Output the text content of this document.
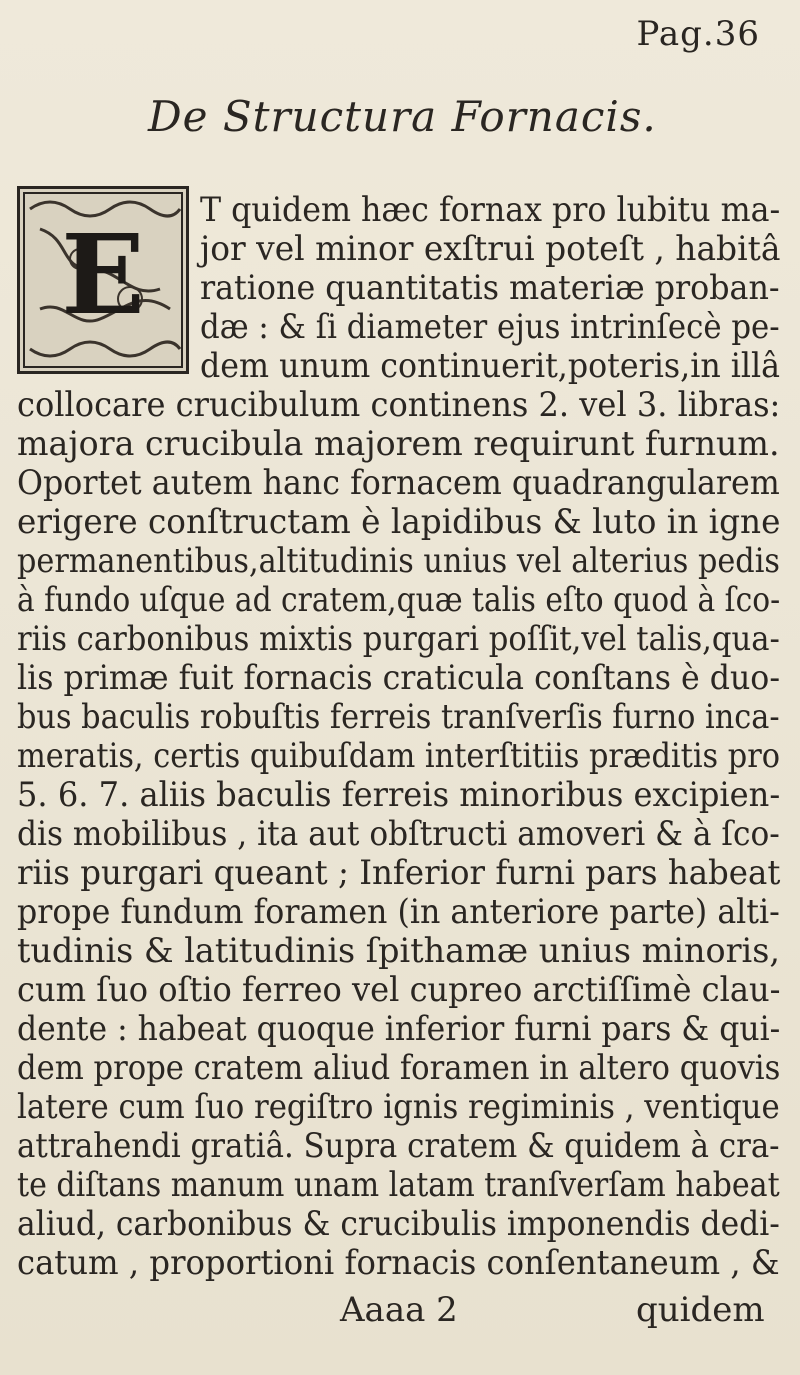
Pag.36
De Structura Fornacis.
E T quidem hæc fornax pro lubitu ma-
jor vel minor exſtrui poteſt , habitâ
ratione quantitatis materiæ proban-
dæ : & ſi diameter ejus intrinſecè pe-
dem unum continuerit,poteris,in illâ
collocare crucibulum continens 2. vel 3. libras:
majora crucibula majorem requirunt furnum.
Oportet autem hanc fornacem quadrangularem
erigere conſtructam è lapidibus & luto in igne
permanentibus,altitudinis unius vel alterius pedis
à fundo uſque ad cratem,quæ talis eſto quod à ſco-
riis carbonibus mixtis purgari poſſit,vel talis,qua-
lis primæ fuit fornacis craticula conſtans è duo-
bus baculis robuſtis ferreis tranſverſis furno inca-
meratis, certis quibuſdam interſtitiis præditis pro
5. 6. 7. aliis baculis ferreis minoribus excipien-
dis mobilibus , ita aut obſtructi amoveri & à ſco-
riis purgari queant ; Inferior furni pars habeat
prope fundum foramen (in anteriore parte) alti-
tudinis & latitudinis ſpithamæ unius minoris,
cum ſuo oſtio ferreo vel cupreo arctiſſimè clau-
dente : habeat quoque inferior furni pars & qui-
dem prope cratem aliud foramen in altero quovis
latere cum ſuo regiſtro ignis regiminis , ventique
attrahendi gratiâ. Supra cratem & quidem à cra-
te diſtans manum unam latam tranſverſam habeat
aliud, carbonibus & crucibulis imponendis dedi-
catum , proportioni fornacis conſentaneum , &
Aaaa 2	quidem
